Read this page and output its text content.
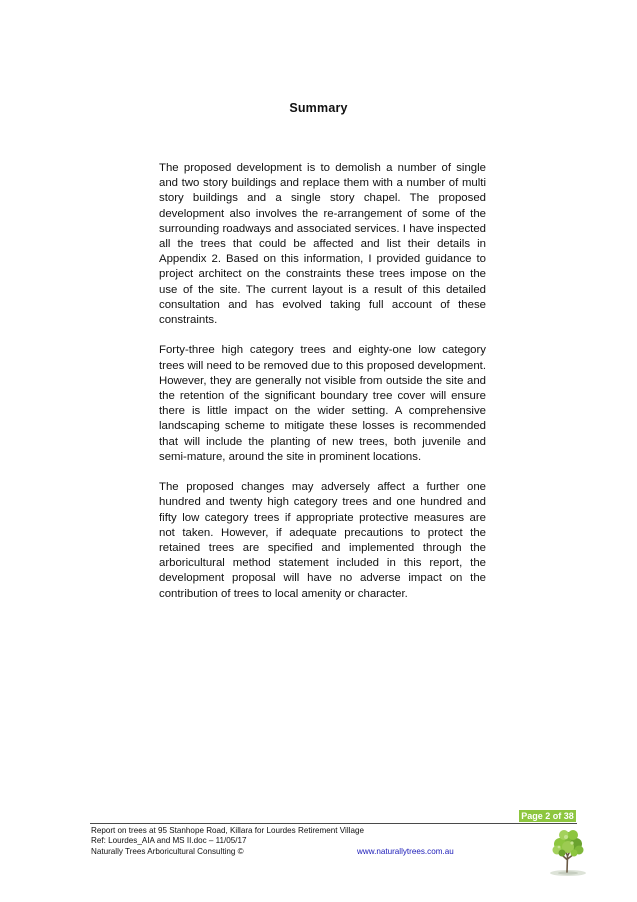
Summary

The proposed development is to demolish a number of single and two story buildings and replace them with a number of multi story buildings and a single story chapel. The proposed development also involves the re-arrangement of some of the surrounding roadways and associated services. I have inspected all the trees that could be affected and list their details in Appendix 2. Based on this information, I provided guidance to project architect on the constraints these trees impose on the use of the site. The current layout is a result of this detailed consultation and has evolved taking full account of these constraints.

Forty-three high category trees and eighty-one low category trees will need to be removed due to this proposed development. However, they are generally not visible from outside the site and the retention of the significant boundary tree cover will ensure there is little impact on the wider setting. A comprehensive landscaping scheme to mitigate these losses is recommended that will include the planting of new trees, both juvenile and semi-mature, around the site in prominent locations.

The proposed changes may adversely affect a further one hundred and twenty high category trees and one hundred and fifty low category trees if appropriate protective measures are not taken. However, if adequate precautions to protect the retained trees are specified and implemented through the arboricultural method statement included in this report, the development proposal will have no adverse impact on the contribution of trees to local amenity or character.

Page 2 of 38
Report on trees at 95 Stanhope Road, Killara for Lourdes Retirement Village
Ref: Lourdes_AIA and MS II.doc – 11/05/17
Naturally Trees Arboricultural Consulting ©	www.naturallytrees.com.au
